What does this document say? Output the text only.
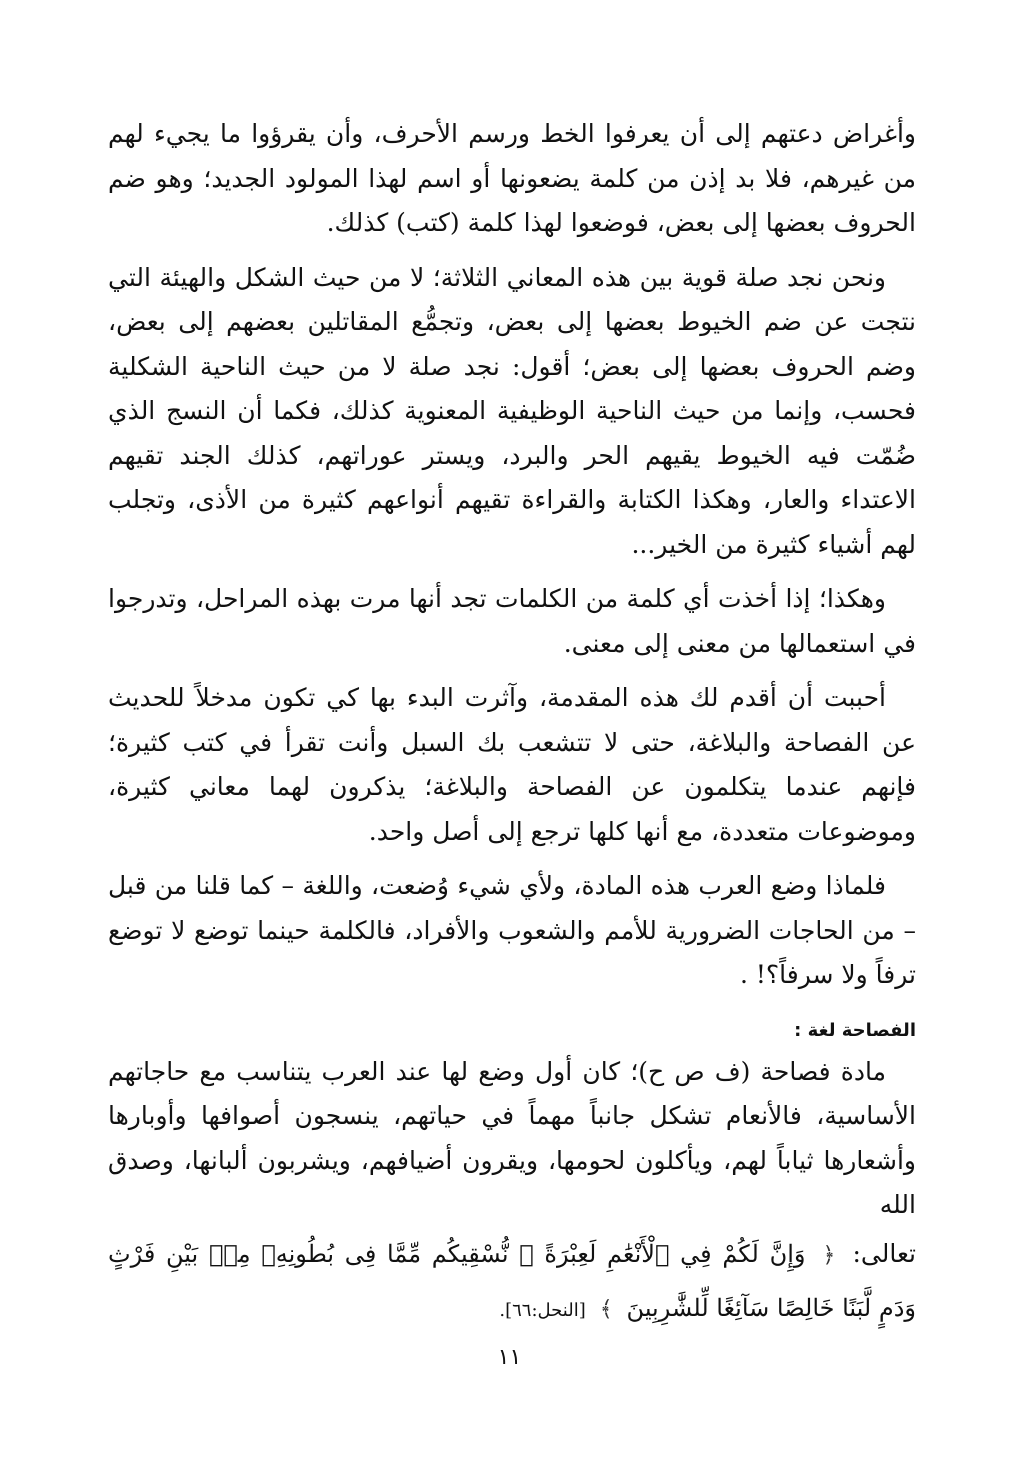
وأغراض دعتهم إلى أن يعرفوا الخط ورسم الأحرف، وأن يقرؤوا ما يجيء لهم من غيرهم، فلا بد إذن من كلمة يضعونها أو اسم لهذا المولود الجديد؛ وهو ضم الحروف بعضها إلى بعض، فوضعوا لهذا كلمة (كتب) كذلك.

ونحن نجد صلة قوية بين هذه المعاني الثلاثة؛ لا من حيث الشكل والهيئة التي نتجت عن ضم الخيوط بعضها إلى بعض، وتجمُّع المقاتلين بعضهم إلى بعض، وضم الحروف بعضها إلى بعض؛ أقول: نجد صلة لا من حيث الناحية الشكلية فحسب، وإنما من حيث الناحية الوظيفية المعنوية كذلك، فكما أن النسج الذي ضُمّت فيه الخيوط يقيهم الحر والبرد، ويستر عوراتهم، كذلك الجند تقيهم الاعتداء والعار، وهكذا الكتابة والقراءة تقيهم أنواعهم كثيرة من الأذى، وتجلب لهم أشياء كثيرة من الخير...

وهكذا؛ إذا أخذت أي كلمة من الكلمات تجد أنها مرت بهذه المراحل، وتدرجوا في استعمالها من معنى إلى معنى.

أحببت أن أقدم لك هذه المقدمة، وآثرت البدء بها كي تكون مدخلاً للحديث عن الفصاحة والبلاغة، حتى لا تتشعب بك السبل وأنت تقرأ في كتب كثيرة؛ فإنهم عندما يتكلمون عن الفصاحة والبلاغة؛ يذكرون لهما معاني كثيرة، وموضوعات متعددة، مع أنها كلها ترجع إلى أصل واحد.

فلماذا وضع العرب هذه المادة، ولأي شيء وُضعت، واللغة – كما قلنا من قبل – من الحاجات الضرورية للأمم والشعوب والأفراد، فالكلمة حينما توضع لا توضع ترفاً ولا سرفاً؟! .

الفصاحة لغة :

مادة فصاحة (ف ص ح)؛ كان أول وضع لها عند العرب يتناسب مع حاجاتهم الأساسية، فالأنعام تشكل جانباً مهماً في حياتهم، ينسجون أصوافها وأوبارها وأشعارها ثياباً لهم، ويأكلون لحومها، ويقرون أضيافهم، ويشربون ألبانها، وصدق الله

تعالى: ﴿ وَإِنَّ لَكُمْ فِي ٱلْأَنْعَٰمِ لَعِبْرَةً ۖ نُّسْقِيكُم مِّمَّا فِى بُطُونِهِۦ مِنۢ بَيْنِ فَرْثٍ وَدَمٍ لَّبَنًا خَالِصًا سَآئِغًا لِّلشَّٰرِبِينَ ﴾ [النحل:٦٦].

١١
